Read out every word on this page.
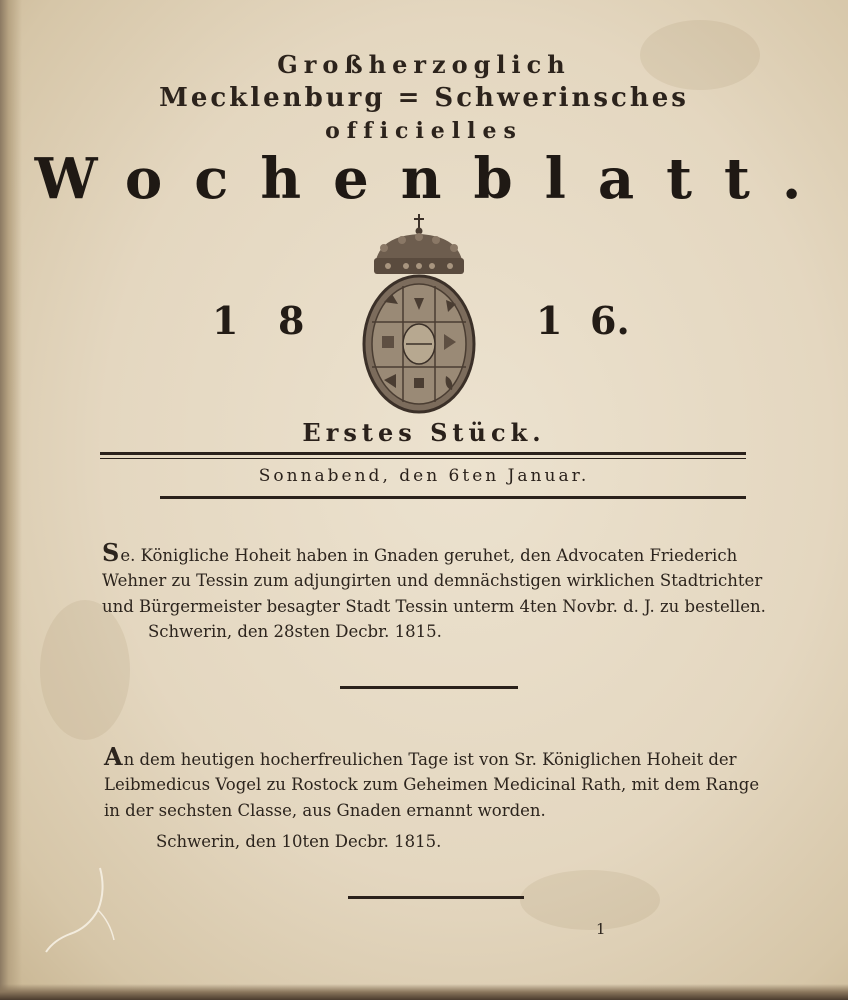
Großherzoglich
Mecklenburg = Schwerinsches
officielles
Wochenblatt.
1 8	1 6.
Erstes Stück.
Sonnabend, den 6ten Januar.
Se. Königliche Hoheit haben in Gnaden geruhet, den Advocaten Friederich
Wehner zu Tessin zum adjungirten und demnächstigen wirklichen Stadtrichter
und Bürgermeister besagter Stadt Tessin unterm 4ten Novbr. d. J. zu bestellen.
Schwerin, den 28sten Decbr. 1815.
An dem heutigen hocherfreulichen Tage ist von Sr. Königlichen Hoheit der
Leibmedicus Vogel zu Rostock zum Geheimen Medicinal Rath, mit dem Range
in der sechsten Classe, aus Gnaden ernannt worden.
Schwerin, den 10ten Decbr. 1815.
1
